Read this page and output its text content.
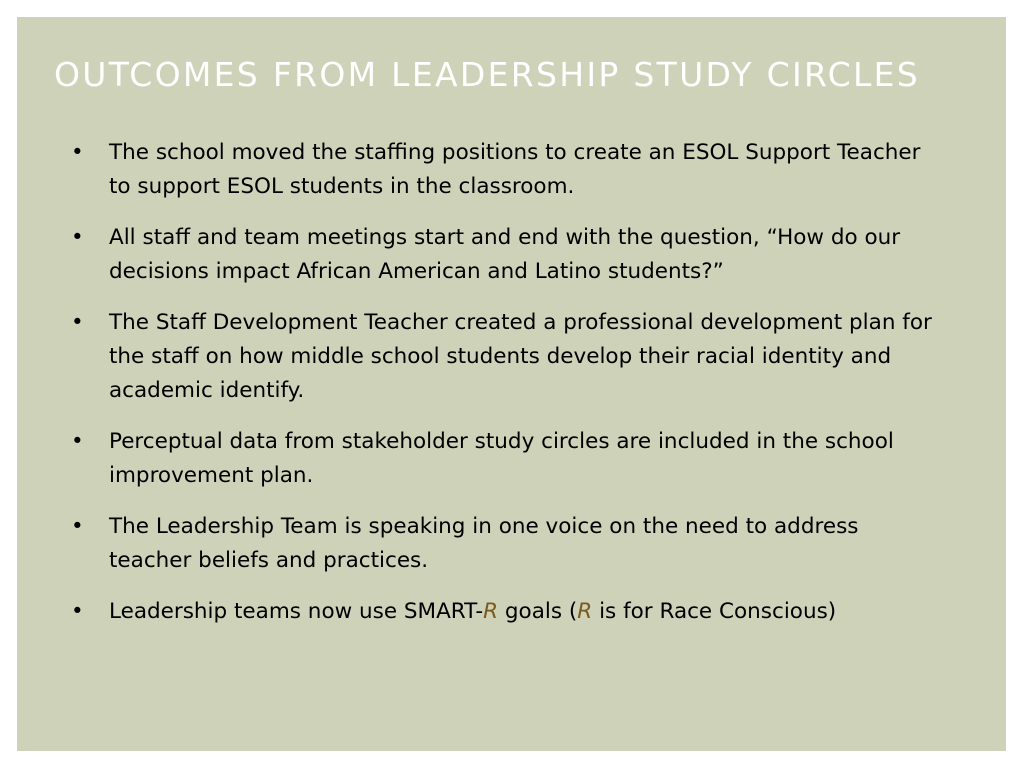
OUTCOMES FROM LEADERSHIP STUDY CIRCLES
• The school moved the staffing positions to create an ESOL Support Teacher to support ESOL students in the classroom.
• All staff and team meetings start and end with the question, “How do our decisions impact African American and Latino students?”
• The Staff Development Teacher created a professional development plan for the staff on how middle school students develop their racial identity and academic identify.
• Perceptual data from stakeholder study circles are included in the school improvement plan.
• The Leadership Team is speaking in one voice on the need to address teacher beliefs and practices.
• Leadership teams now use SMART-R goals (R is for Race Conscious)
